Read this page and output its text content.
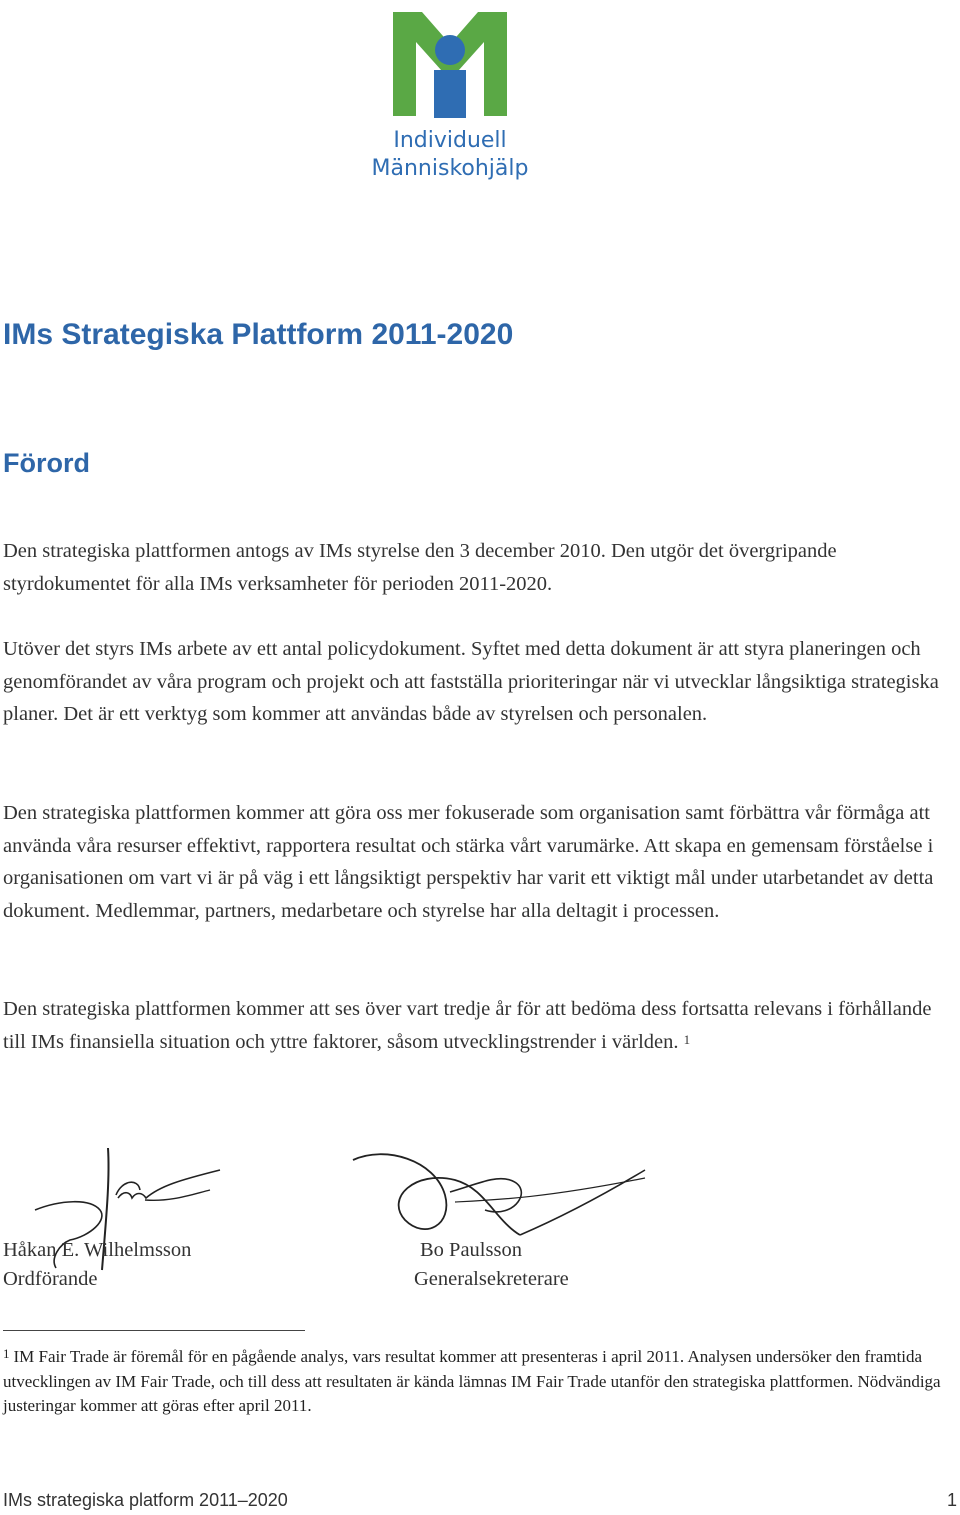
Individuell
Människohjälp
IMs Strategiska Plattform 2011-2020
Förord

Den strategiska plattformen antogs av IMs styrelse den 3 december 2010. Den utgör det övergripande styrdokumentet för alla IMs verksamheter för perioden 2011-2020.

Utöver det styrs IMs arbete av ett antal policydokument. Syftet med detta dokument är att styra planeringen och genomförandet av våra program och projekt och att fastställa prioriteringar när vi utvecklar långsiktiga strategiska planer. Det är ett verktyg som kommer att användas både av styrelsen och personalen.

Den strategiska plattformen kommer att göra oss mer fokuserade som organisation samt förbättra vår förmåga att använda våra resurser effektivt, rapportera resultat och stärka vårt varumärke. Att skapa en gemensam förståelse i organisationen om vart vi är på väg i ett långsiktigt perspektiv har varit ett viktigt mål under utarbetandet av detta dokument. Medlemmar, partners, medarbetare och styrelse har alla deltagit i processen.

Den strategiska plattformen kommer att ses över vart tredje år för att bedöma dess fortsatta relevans i förhållande till IMs finansiella situation och yttre faktorer, såsom utvecklingstrender i världen. $^1$

Håkan E. Wilhelmsson
Ordförande
Bo Paulsson
Generalsekreterare

$^1$ IM Fair Trade är föremål för en pågående analys, vars resultat kommer att presenteras i april 2011. Analysen undersöker den framtida utvecklingen av IM Fair Trade, och till dess att resultaten är kända lämnas IM Fair Trade utanför den strategiska plattformen. Nödvändiga justeringar kommer att göras efter april 2011.

IMs strategiska platform 2011–2020	1
